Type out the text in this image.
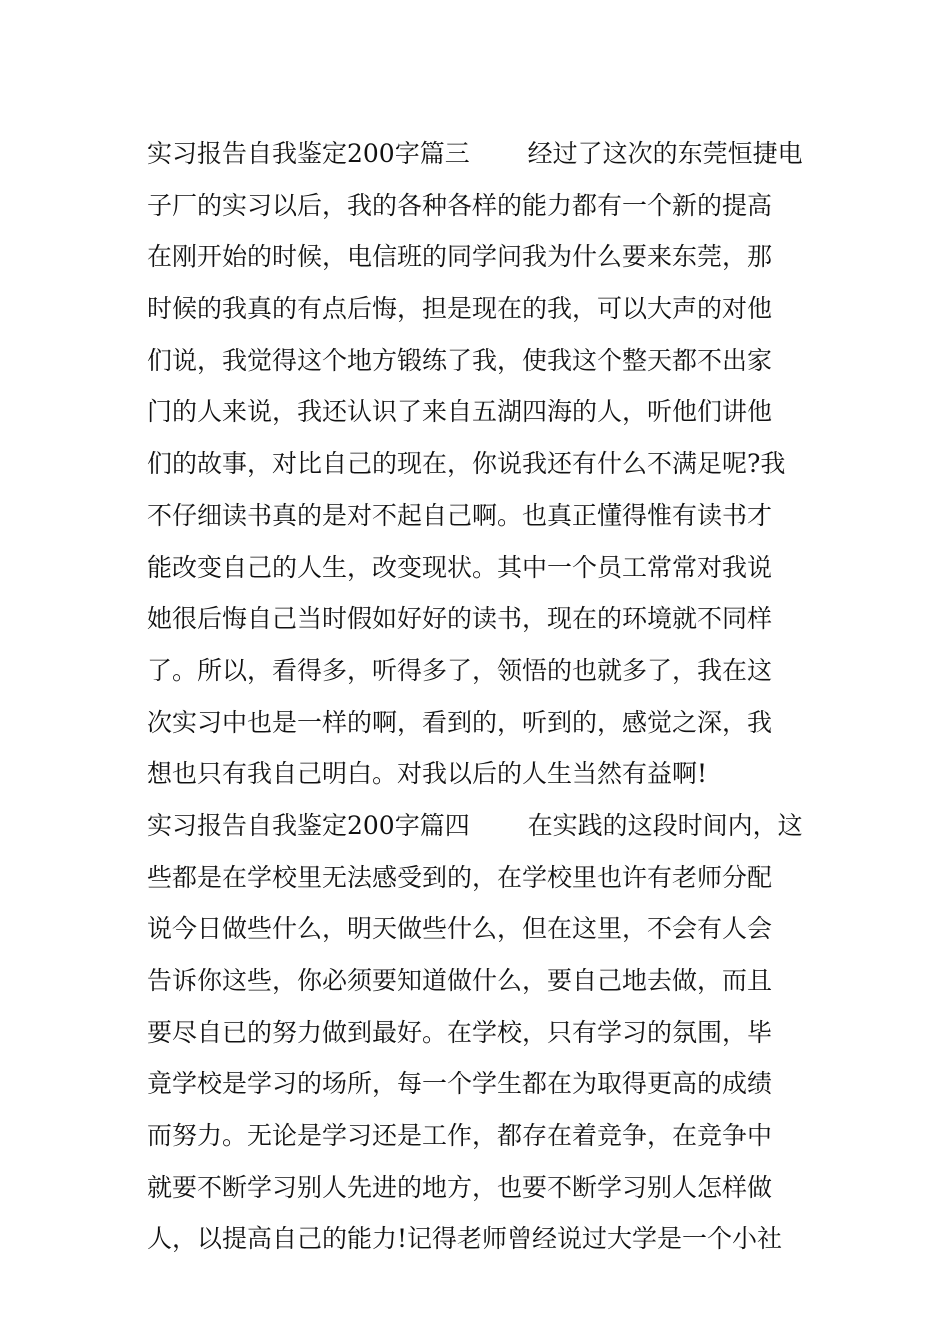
实习报告自我鉴定200字篇三　　 经过了这次的东莞恒捷电
子厂的实习以后，我的各种各样的能力都有一个新的提高
在刚开始的时候，电信班的同学问我为什么要来东莞，那
时候的我真的有点后悔，担是现在的我，可以大声的对他
们说，我觉得这个地方锻练了我，使我这个整天都不出家
门的人来说，我还认识了来自五湖四海的人，听他们讲他
们的故事，对比自己的现在，你说我还有什么不满足呢?我
不仔细读书真的是对不起自己啊。也真正懂得惟有读书才
能改变自己的人生，改变现状。其中一个员工常常对我说
她很后悔自己当时假如好好的读书，现在的环境就不同样
了。所以，看得多，听得多了，领悟的也就多了，我在这
次实习中也是一样的啊，看到的，听到的，感觉之深，我
想也只有我自己明白。对我以后的人生当然有益啊!
实习报告自我鉴定200字篇四　　 在实践的这段时间内，这
些都是在学校里无法感受到的，在学校里也许有老师分配
说今日做些什么，明天做些什么，但在这里，不会有人会
告诉你这些，你必须要知道做什么，要自己地去做，而且
要尽自已的努力做到最好。在学校，只有学习的氛围，毕
竟学校是学习的场所，每一个学生都在为取得更高的成绩
而努力。无论是学习还是工作，都存在着竞争，在竞争中
就要不断学习别人先进的地方，也要不断学习别人怎样做
人，以提高自己的能力!记得老师曾经说过大学是一个小社
